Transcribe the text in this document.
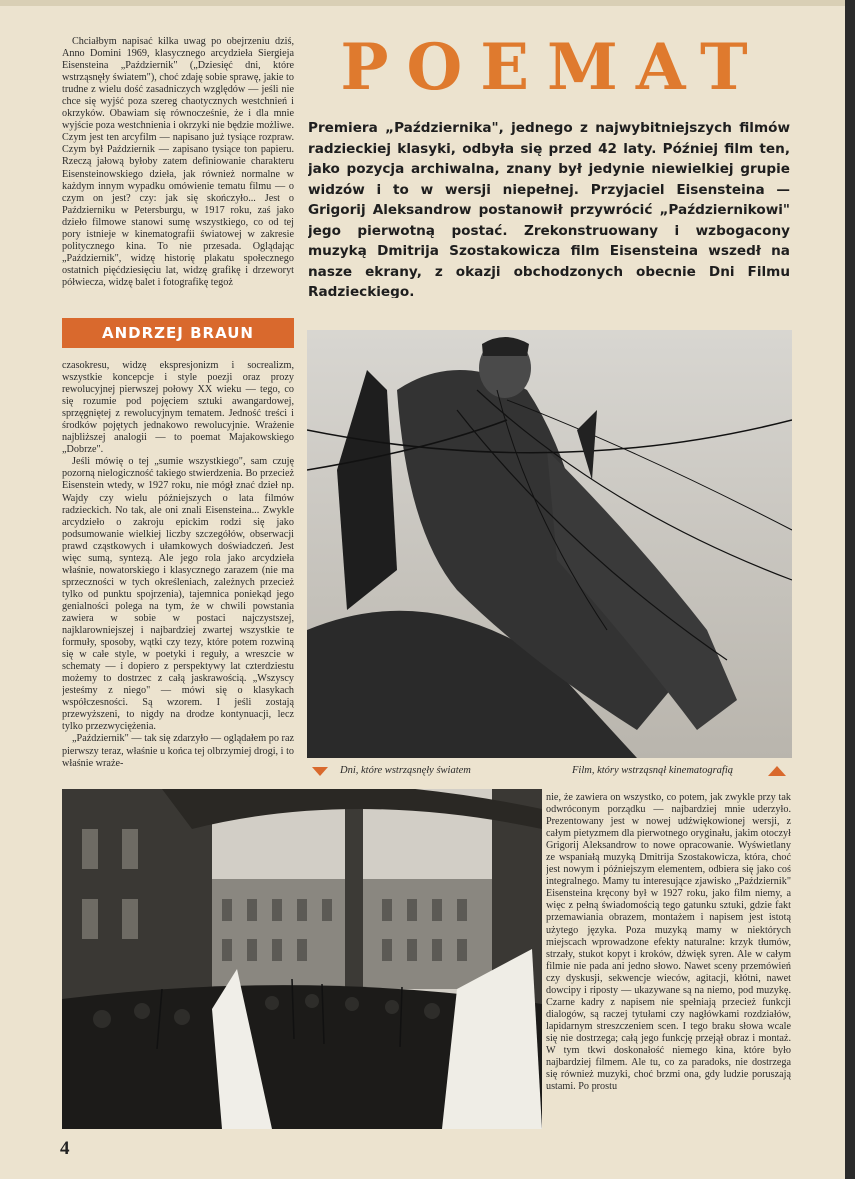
Chciałbym napisać kilka uwag po obejrzeniu dziś, Anno Domini 1969, klasycznego arcydzieła Siergieja Eisensteina „Październik" („Dziesięć dni, które wstrząsnęły światem"), choć zdaję sobie sprawę, jakie to trudne z wielu dość zasadniczych względów — jeśli nie chce się wyjść poza szereg chaotycznych westchnień i okrzyków. Obawiam się równocześnie, że i dla mnie wyjście poza westchnienia i okrzyki nie będzie możliwe. Czym jest ten arcyfilm — napisano już tysiące rozpraw. Czym był Październik — zapisano tysiące ton papieru. Rzeczą jałową byłoby zatem definiowanie charakteru Eisensteinowskiego dzieła, jak również normalne w każdym innym wypadku omówienie tematu filmu — o czym on jest? czy: jak się skończyło... Jest o Październiku w Petersburgu, w 1917 roku, zaś jako dzieło filmowe stanowi sumę wszystkiego, co od tej pory istnieje w kinematografii światowej w zakresie politycznego kina. To nie przesada. Oglądając „Październik", widzę historię plakatu społecznego ostatnich pięćdziesięciu lat, widzę grafikę i drzeworyt półwiecza, widzę balet i fotografikę tegoż

ANDRZEJ BRAUN

czasokresu, widzę ekspresjonizm i socrealizm, wszystkie koncepcje i style poezji oraz prozy rewolucyjnej pierwszej połowy XX wieku — tego, co się rozumie pod pojęciem sztuki awangardowej, sprzęgniętej z rewolucyjnym tematem. Jedność treści i środków pojętych jednakowo rewolucyjnie. Wrażenie najbliższej analogii — to poemat Majakowskiego „Dobrze".

Jeśli mówię o tej „sumie wszystkiego", sam czuję pozorną nielogiczność takiego stwierdzenia. Bo przecież Eisenstein wtedy, w 1927 roku, nie mógł znać dzieł np. Wajdy czy wielu późniejszych o lata filmów radzieckich. No tak, ale oni znali Eisensteina... Zwykle arcydzieło o zakroju epickim rodzi się jako podsumowanie wielkiej liczby szczegółów, obserwacji prawd cząstkowych i ułamkowych doświadczeń. Jest więc sumą, syntezą. Ale jego rola jako arcydzieła właśnie, nowatorskiego i klasycznego zarazem (nie ma sprzeczności w tych określeniach, zależnych przecież tylko od punktu spojrzenia), tajemnica poniekąd jego genialności polega na tym, że w chwili powstania zawiera w sobie w postaci najczystszej, najklarowniejszej i najbardziej zwartej wszystkie te formuły, sposoby, wątki czy tezy, które potem rozwiną się w całe style, w poetyki i reguły, a wreszcie w schematy — i dopiero z perspektywy lat czterdziestu możemy to dostrzec z całą jaskrawością. „Wszyscy jesteśmy z niego" — mówi się o klasykach współczesności. Są wzorem. I jeśli zostają przewyższeni, to nigdy na drodze kontynuacji, lecz tylko przezwyciężenia.

„Październik" — tak się zdarzyło — oglądałem po raz pierwszy teraz, właśnie u końca tej olbrzymiej drogi, i to właśnie wraże-

POEMAT
Premiera „Października", jednego z najwybitniejszych filmów radzieckiej klasyki, odbyła się przed 42 laty. Później film ten, jako pozycja archiwalna, znany był jedynie niewielkiej grupie widzów i to w wersji niepełnej. Przyjaciel Eisensteina — Grigorij Aleksandrow postanowił przywrócić „Październikowi" jego pierwotną postać. Zrekonstruowany i wzbogacony muzyką Dmitrija Szostakowicza film Eisensteina wszedł na nasze ekrany, z okazji obchodzonych obecnie Dni Filmu Radzieckiego.
Dni, które wstrząsnęły światem	Film, który wstrząsnął kinematografią

nie, że zawiera on wszystko, co potem, jak zwykle przy tak odwróconym porządku — najbardziej mnie uderzyło. Prezentowany jest w nowej udźwiękowionej wersji, z całym pietyzmem dla pierwotnego oryginału, jakim otoczył Grigorij Aleksandrow to nowe opracowanie. Wyświetlany ze wspaniałą muzyką Dmitrija Szostakowicza, która, choć jest nowym i późniejszym elementem, odbiera się jako coś integralnego. Mamy tu interesujące zjawisko „Październik" Eisensteina kręcony był w 1927 roku, jako film niemy, a więc z pełną świadomością tego gatunku sztuki, gdzie fakt przemawiania obrazem, montażem i napisem jest istotą użytego języka. Poza muzyką mamy w niektórych miejscach wprowadzone efekty naturalne: krzyk tłumów, strzały, stukot kopyt i kroków, dźwięk syren. Ale w całym filmie nie pada ani jedno słowo. Nawet sceny przemówień czy dyskusji, sekwencje wieców, agitacji, kłótni, nawet dowcipy i riposty — ukazywane są na niemo, pod muzykę. Czarne kadry z napisem nie spełniają przecież funkcji dialogów, są raczej tytułami czy nagłówkami rozdziałów, lapidarnym streszczeniem scen. I tego braku słowa wcale się nie dostrzega; całą jego funkcję przejął obraz i montaż. W tym tkwi doskonałość niemego kina, które było najbardziej filmem. Ale tu, co za paradoks, nie dostrzega się również muzyki, choć brzmi ona, gdy ludzie poruszają ustami. Po prostu

4
